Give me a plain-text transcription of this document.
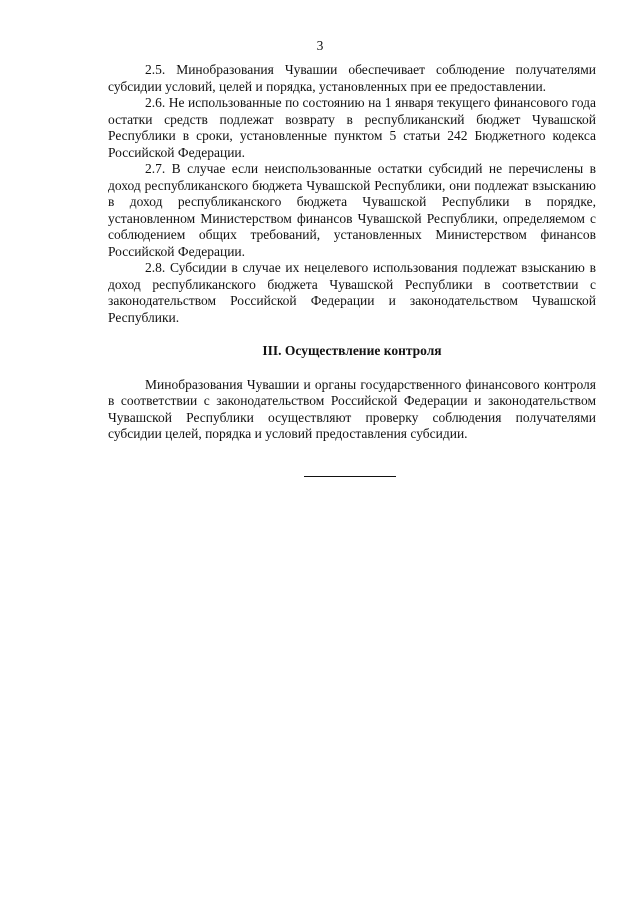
3

2.5. Минобразования Чувашии обеспечивает соблюдение получателями субсидии условий, целей и порядка, установленных при ее предоставлении.

2.6. Не использованные по состоянию на 1 января текущего финансового года остатки средств подлежат возврату в республиканский бюджет Чувашской Республики в сроки, установленные пунктом 5 статьи 242 Бюджетного кодекса Российской Федерации.

2.7. В случае если неиспользованные остатки субсидий не перечислены в доход республиканского бюджета Чувашской Республики, они подлежат взысканию в доход республиканского бюджета Чувашской Республики в порядке, установленном Министерством финансов Чувашской Республики, определяемом с соблюдением общих требований, установленных Министерством финансов Российской Федерации.

2.8. Субсидии в случае их нецелевого использования подлежат взысканию в доход республиканского бюджета Чувашской Республики в соответствии с законодательством Российской Федерации и законодательством Чувашской Республики.

III. Осуществление контроля

Минобразования Чувашии и органы государственного финансового контроля в соответствии с законодательством Российской Федерации и законодательством Чувашской Республики осуществляют проверку соблюдения получателями субсидии целей, порядка и условий предоставления субсидии.
